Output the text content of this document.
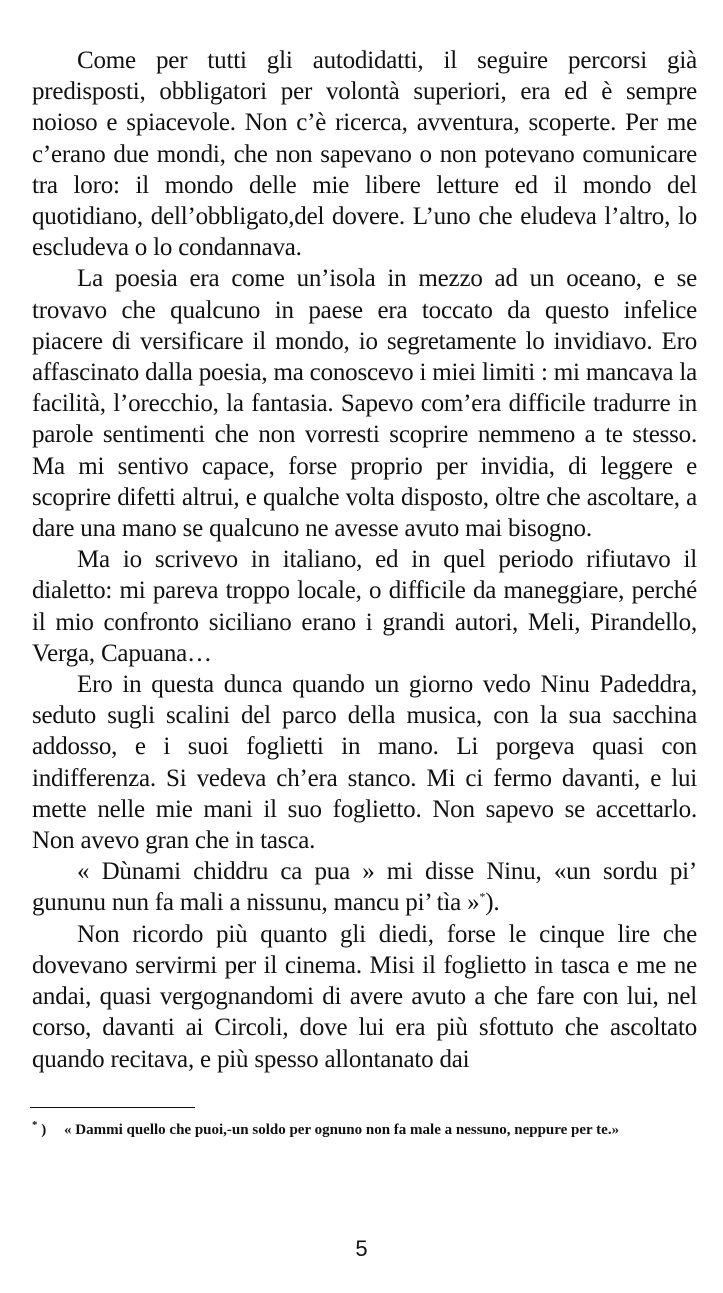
Come per tutti gli autodidatti, il seguire percorsi già predisposti, obbligatori per volontà superiori, era ed è sempre noioso e spiacevole. Non c’è ricerca, avventura, scoperte. Per me c’erano due mondi, che non sapevano o non potevano comunicare tra loro: il mondo delle mie libere letture ed il mondo del quotidiano, dell’obbligato,del dovere. L’uno che eludeva l’altro, lo escludeva o lo condannava.

La poesia era come un’isola in mezzo ad un oceano, e se trovavo che qualcuno in paese era toccato da questo infelice piacere di versificare il mondo, io segretamente lo invidiavo. Ero affascinato dalla poesia, ma conoscevo i miei limiti : mi mancava la facilità, l’orecchio, la fantasia. Sapevo com’era difficile tradurre in parole sentimenti che non vorresti scoprire nemmeno a te stesso. Ma mi sentivo capace, forse proprio per invidia, di leggere e scoprire difetti altrui, e qualche volta disposto, oltre che ascoltare, a dare una mano se qualcuno ne avesse avuto mai bisogno.

Ma io scrivevo in italiano, ed in quel periodo rifiutavo il dialetto: mi pareva troppo locale, o difficile da maneggiare, perché il mio confronto siciliano erano i grandi autori, Meli, Pirandello, Verga, Capuana…

Ero in questa dunca quando un giorno vedo Ninu Padeddra, seduto sugli scalini del parco della musica, con la sua sacchina addosso, e i suoi foglietti in mano. Li porgeva quasi con indifferenza. Si vedeva ch’era stanco. Mi ci fermo davanti, e lui mette nelle mie mani il suo foglietto. Non sapevo se accettarlo. Non avevo gran che in tasca.

« Dùnami chiddru ca pua » mi disse Ninu, «un sordu pi’ gununu nun fa mali a nissunu, mancu pi’ tìa »*).

Non ricordo più quanto gli diedi, forse le cinque lire che dovevano servirmi per il cinema. Misi il foglietto in tasca e me ne andai, quasi vergognandomi di avere avuto a che fare con lui, nel corso, davanti ai Circoli, dove lui era più sfottuto che ascoltato quando recitava, e più spesso allontanato dai

* )	« Dammi quello che puoi,-un soldo per ognuno non fa male a nessuno, neppure per te.»
5
